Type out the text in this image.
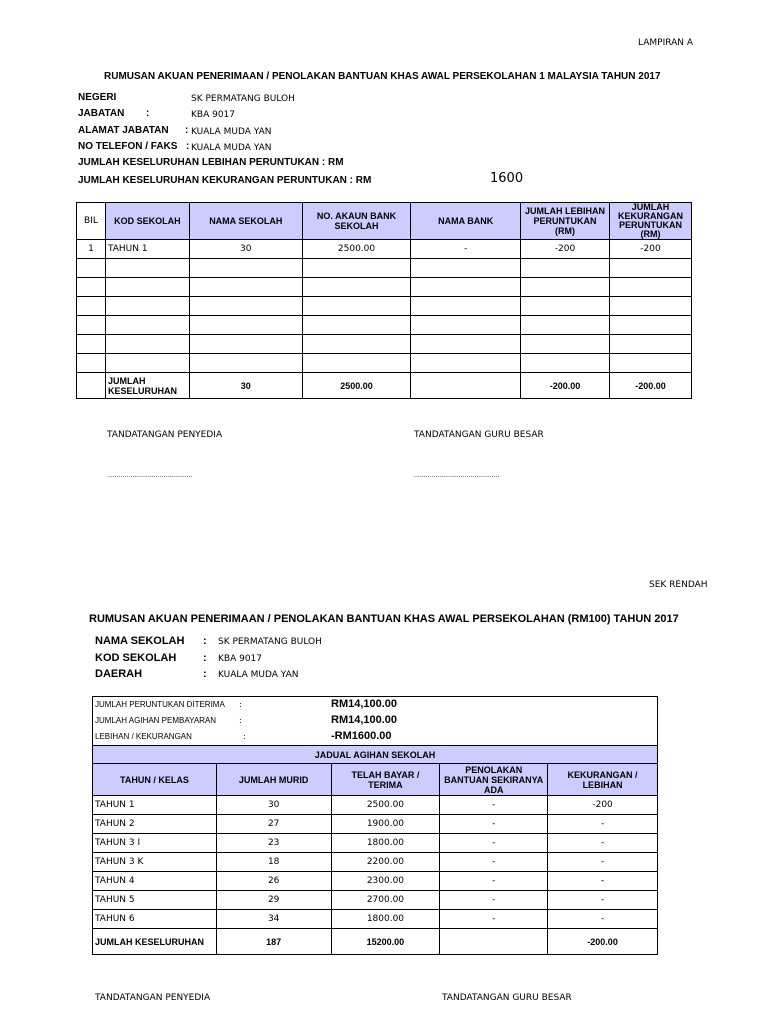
LAMPIRAN A
RUMUSAN AKUAN PENERIMAAN / PENOLAKAN BANTUAN KHAS AWAL PERSEKOLAHAN 1 MALAYSIA TAHUN 2017
NEGERI	SK PERMATANG BULOH
JABATAN :	KBA 9017
ALAMAT JABATAN : KUALA MUDA YAN
NO TELEFON / FAKS : KUALA MUDA YAN
JUMLAH KESELURUHAN LEBIHAN PERUNTUKAN : RM
JUMLAH KESELURUHAN KEKURANGAN PERUNTUKAN : RM	1600
BIL	KOD SEKOLAH	NAMA SEKOLAH	NO. AKAUN BANK SEKOLAH	NAMA BANK	JUMLAH LEBIHAN PERUNTUKAN (RM)	JUMLAH KEKURANGAN PERUNTUKAN (RM)
1	TAHUN 1	30	2500.00	-	-200	-200

	JUMLAH KESELURUHAN	30	2500.00		-200.00	-200.00
TANDATANGAN PENYEDIA	TANDATANGAN GURU BESAR
............................................	............................................
SEK RENDAH
RUMUSAN AKUAN PENERIMAAN / PENOLAKAN BANTUAN KHAS AWAL PERSEKOLAHAN (RM100) TAHUN 2017
NAMA SEKOLAH : SK PERMATANG BULOH
KOD SEKOLAH : KBA 9017
DAERAH	: KUALA MUDA YAN
JUMLAH PERUNTUKAN DITERIMA : RM14,100.00				

JUMLAH AGIHAN PEMBAYARAN : RM14,100.00				

LEBIHAN / KEKURANGAN : -RM1600.00				

JADUAL AGIHAN SEKOLAH				
TAHUN / KELAS	JUMLAH MURID	TELAH BAYAR / TERIMA	PENOLAKAN BANTUAN SEKIRANYA ADA	KEKURANGAN / LEBIHAN
TAHUN 1	30	2500.00	-	-200
TAHUN 2	27	1900.00	-	-
TAHUN 3 I	23	1800.00	-	-
TAHUN 3 K	18	2200.00	-	-
TAHUN 4	26	2300.00	-	-
TAHUN 5	29	2700.00	-	-
TAHUN 6	34	1800.00	-	-
JUMLAH KESELURUHAN	187	15200.00		-200.00
TANDATANGAN PENYEDIA	TANDATANGAN GURU BESAR
